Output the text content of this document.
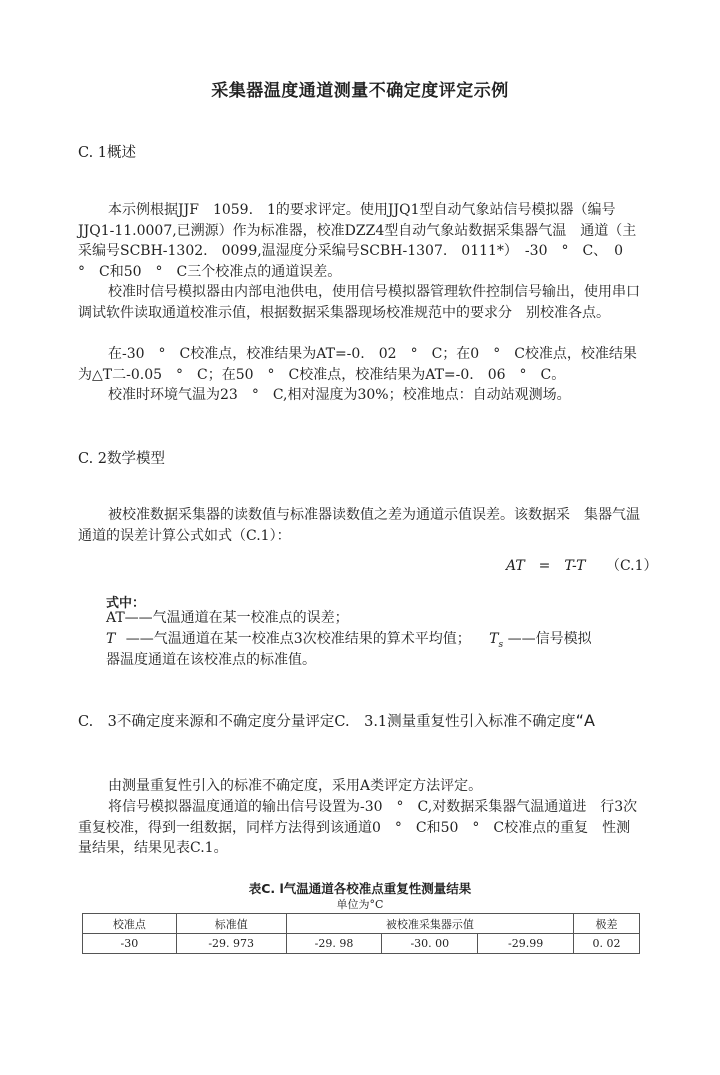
采集器温度通道测量不确定度评定示例
C. 1概述
本示例根据JJF　1059.　1的要求评定。使用JJQ1型自动气象站信号模拟器（编号JJQ1-11.0007,已溯源）作为标准器，校准DZZ4型自动气象站数据采集器气温　通道（主采编号SCBH-1302.　0099,温湿度分采编号SCBH-1307.　0111*）　-30　°　C、　0　°　C和50　°　C三个校准点的通道误差。
校准时信号模拟器由内部电池供电，使用信号模拟器管理软件控制信号输出，使用串口调试软件读取通道校准示值，根据数据采集器现场校准规范中的要求分　别校准各点。
在-30　°　C校准点，校准结果为AT=-0.　02　°　C；在0　°　C校准点，校准结果为△T二-0.05　°　C；在50　°　C校准点，校准结果为AT=-0.　06　°　C。
校准时环境气温为23　°　C,相对湿度为30%；校准地点：自动站观测场。
C. 2数学模型
被校准数据采集器的读数值与标准器读数值之差为通道示值误差。该数据采　集器气温通道的误差计算公式如式（C.1）：
AT　=　T-T （C.1）
式中：
AT——气温通道在某一校准点的误差；
T ——气温通道在某一校准点3次校准结果的算术平均值； $T_s$ ——信号模拟
器温度通道在该校准点的标准值。
C.　3不确定度来源和不确定度分量评定C.　3.1测量重复性引入标准不确定度“A
由测量重复性引入的标准不确定度，采用A类评定方法评定。
将信号模拟器温度通道的输出信号设置为-30　°　C,对数据采集器气温通道进　行3次重复校准，得到一组数据，同样方法得到该通道0　°　C和50　°　C校准点的重复　性测量结果，结果见表C.1。
表C. l气温通道各校准点重复性测量结果
单位为°C
校准点	标准值	被校准采集器示值			极差
-30	-29. 973	-29. 98	-30. 00	-29.99	0. 02
